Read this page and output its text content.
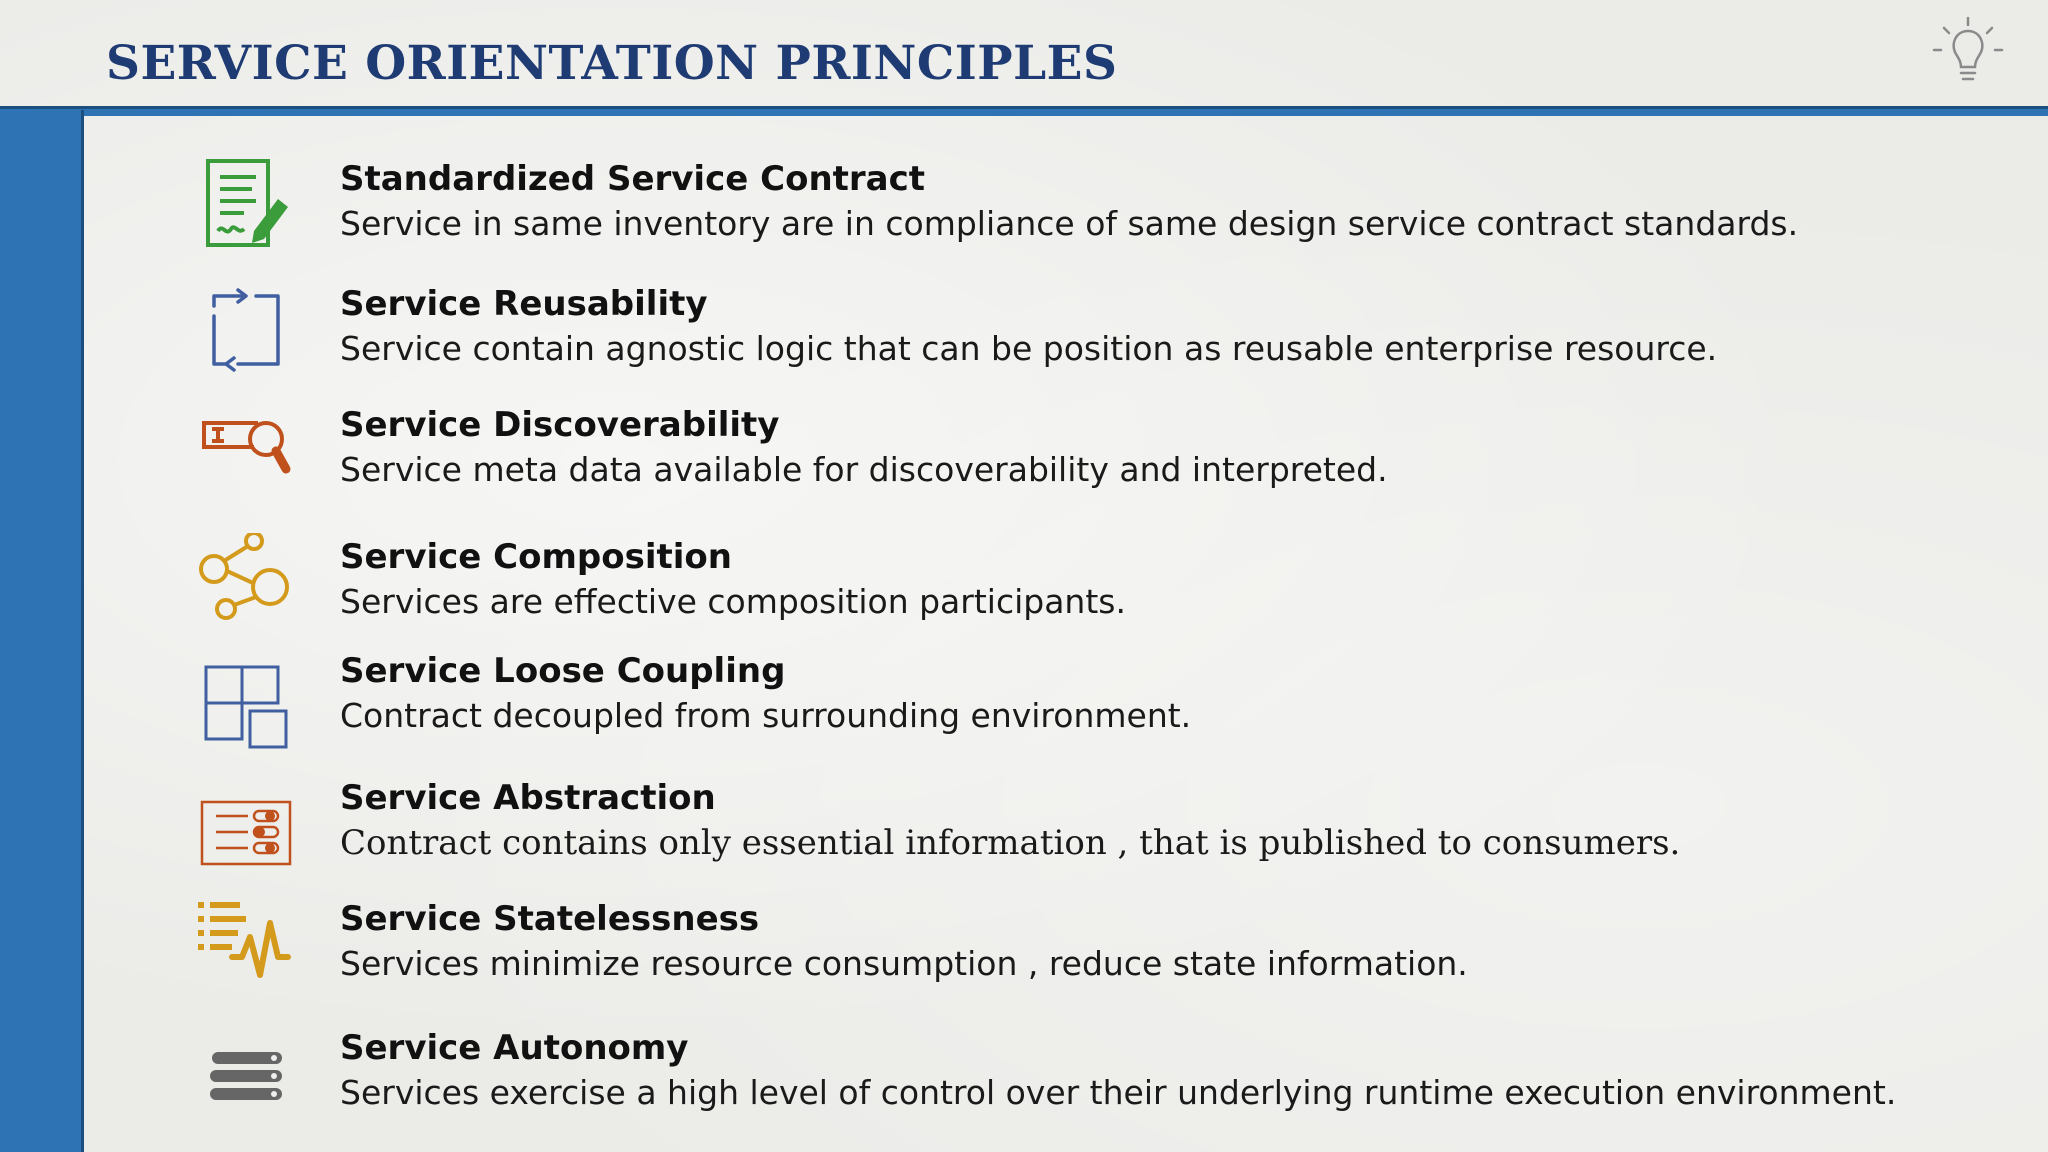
SERVICE ORIENTATION PRINCIPLES
Standardized Service Contract
Service in same inventory are in compliance of same design service contract standards.
Service Reusability
Service contain agnostic logic that can be position as reusable enterprise resource.
Service Discoverability
Service meta data available for discoverability and interpreted.
Service Composition
Services are effective composition participants.
Service Loose Coupling
Contract decoupled from surrounding environment.
Service Abstraction
Contract contains only essential information , that is published to consumers.
Service Statelessness
Services minimize resource consumption , reduce state information.
Service Autonomy
Services exercise a high level of control over their underlying runtime execution environment.
